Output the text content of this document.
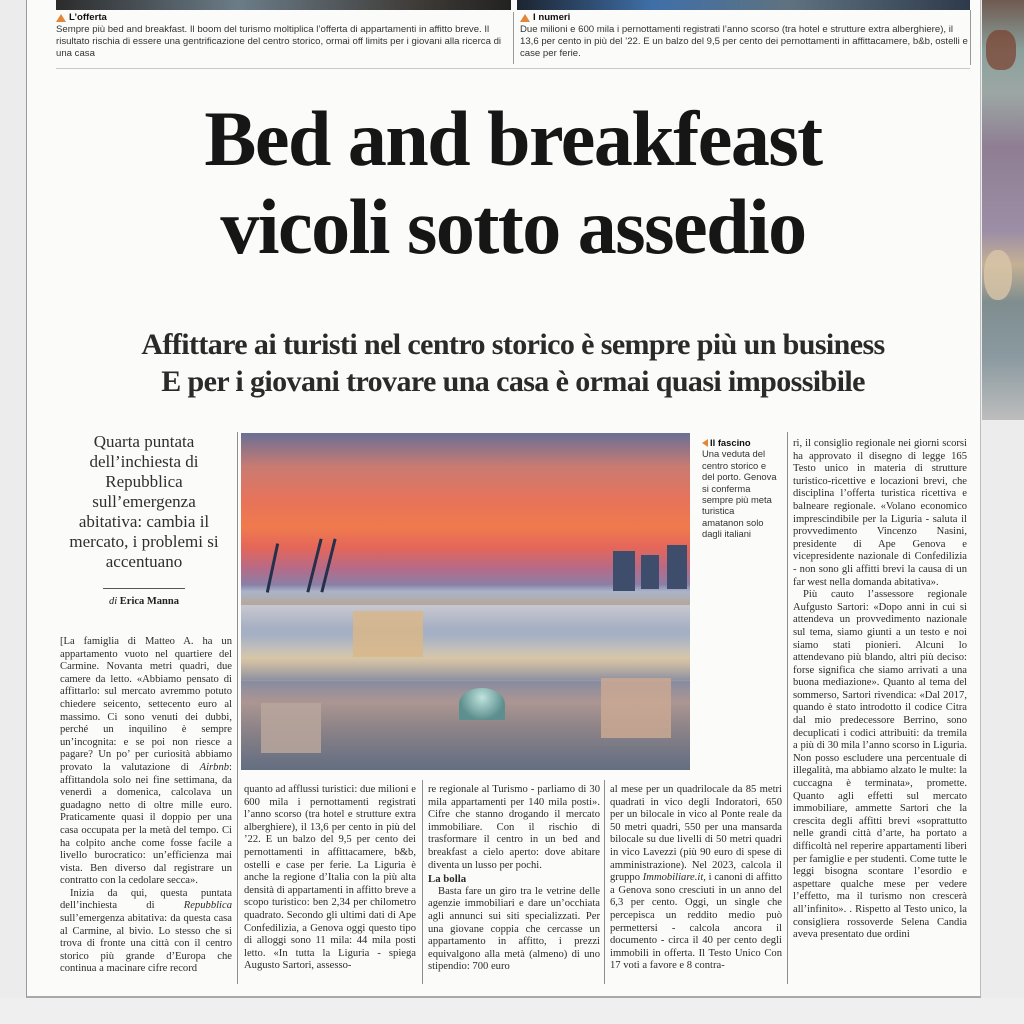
L’offerta
Sempre più bed and breakfast. Il boom del turismo moltiplica l’offerta di appartamenti in affitto breve. Il risultato rischia di essere una gentrificazione del centro storico, ormai off limits per i giovani alla ricerca di una casa
I numeri
Due milioni e 600 mila i pernottamenti registrati l’anno scorso (tra hotel e strutture extra alberghiere), il 13,6 per cento in più del ’22. E un balzo del 9,5 per cento dei pernottamenti in affittacamere, b&b, ostelli e case per ferie.
Bed and breakfeast
vicoli sotto assedio
Affittare ai turisti nel centro storico è sempre più un business
E per i giovani trovare una casa è ormai quasi impossibile
Quarta puntata dell’inchiesta di Repubblica sull’emergenza abitativa: cambia il mercato, i problemi si accentuano
di Erica Manna
Il fascino
Una veduta del centro storico e del porto. Genova si conferma sempre più meta turistica amatanon solo dagli italiani

[La famiglia di Matteo A. ha un appartamento vuoto nel quartiere del Carmine. Novanta metri quadri, due camere da letto. «Abbiamo pensato di affittarlo: sul mercato avremmo potuto chiedere seicento, settecento euro al massimo. Ci sono venuti dei dubbi, perché un inquilino è sempre un’incognita: e se poi non riesce a pagare? Un po’ per curiosità abbiamo provato la valutazione di Airbnb: affittandola solo nei fine settimana, da venerdì a domenica, calcolava un guadagno netto di oltre mille euro. Praticamente quasi il doppio per una casa occupata per la metà del tempo. Ci ha colpito anche come fosse facile a livello burocratico: un’efficienza mai vista. Ben diverso dal registrare un contratto con la cedolare secca».

Inizia da qui, questa puntata dell’inchiesta di Repubblica sull’emergenza abitativa: da questa casa al Carmine, al bivio. Lo stesso che si trova di fronte una città con il centro storico più grande d’Europa che continua a macinare cifre record

quanto ad afflussi turistici: due milioni e 600 mila i pernottamenti registrati l’anno scorso (tra hotel e strutture extra alberghiere), il 13,6 per cento in più del ’22. E un balzo del 9,5 per cento dei pernottamenti in affittacamere, b&b, ostelli e case per ferie. La Liguria è anche la regione d’Italia con la più alta densità di appartamenti in affitto breve a scopo turistico: ben 2,34 per chilometro quadrato. Secondo gli ultimi dati di Ape Confedilizia, a Genova oggi questo tipo di alloggi sono 11 mila: 44 mila posti letto. «In tutta la Liguria - spiega Augusto Sartori, assesso-

re regionale al Turismo - parliamo di 30 mila appartamenti per 140 mila posti». Cifre che stanno drogando il mercato immobiliare. Con il rischio di trasformare il centro in un bed and breakfast a cielo aperto: dove abitare diventa un lusso per pochi.

La bolla

Basta fare un giro tra le vetrine delle agenzie immobiliari e dare un’occhiata agli annunci sui siti specializzati. Per una giovane coppia che cercasse un appartamento in affitto, i prezzi equivalgono alla metà (almeno) di uno stipendio: 700 euro

al mese per un quadrilocale da 85 metri quadrati in vico degli Indoratori, 650 per un bilocale in vico al Ponte reale da 50 metri quadri, 550 per una mansarda bilocale su due livelli di 50 metri quadri in vico Lavezzi (più 90 euro di spese di amministrazione). Nel 2023, calcola il gruppo Immobiliare.it, i canoni di affitto a Genova sono cresciuti in un anno del 6,3 per cento. Oggi, un single che percepisca un reddito medio può permettersi - calcola ancora il documento - circa il 40 per cento degli immobili in offerta. Il Testo Unico Con 17 voti a favore e 8 contra-

ri, il consiglio regionale nei giorni scorsi ha approvato il disegno di legge 165 Testo unico in materia di strutture turistico-ricettive e locazioni brevi, che disciplina l’offerta turistica ricettiva e balneare regionale. «Volano economico imprescindibile per la Liguria - saluta il provvedimento Vincenzo Nasini, presidente di Ape Genova e vicepresidente nazionale di Confedilizia - non sono gli affitti brevi la causa di un far west nella domanda abitativa».

Più cauto l’assessore regionale Aufgusto Sartori: «Dopo anni in cui si attendeva un provvedimento nazionale sul tema, siamo giunti a un testo e noi siamo stati pionieri. Alcuni lo attendevano più blando, altri più deciso: forse significa che siamo arrivati a una buona mediazione». Quanto al tema del sommerso, Sartori rivendica: «Dal 2017, quando è stato introdotto il codice Citra dal mio predecessore Berrino, sono decuplicati i codici attribuiti: da tremila a più di 30 mila l’anno scorso in Liguria. Non posso escludere una percentuale di illegalità, ma abbiamo alzato le multe: la cuccagna è terminata», promette. Quanto agli effetti sul mercato immobiliare, ammette Sartori che la crescita degli affitti brevi «soprattutto nelle grandi città d’arte, ha portato a difficoltà nel reperire appartamenti liberi per famiglie e per studenti. Come tutte le leggi bisogna scontare l’esordio e aspettare qualche mese per vedere l’effetto, ma il turismo non crescerà all’infinito». . Rispetto al Testo unico, la consigliera rossoverde Selena Candia aveva presentato due ordini
